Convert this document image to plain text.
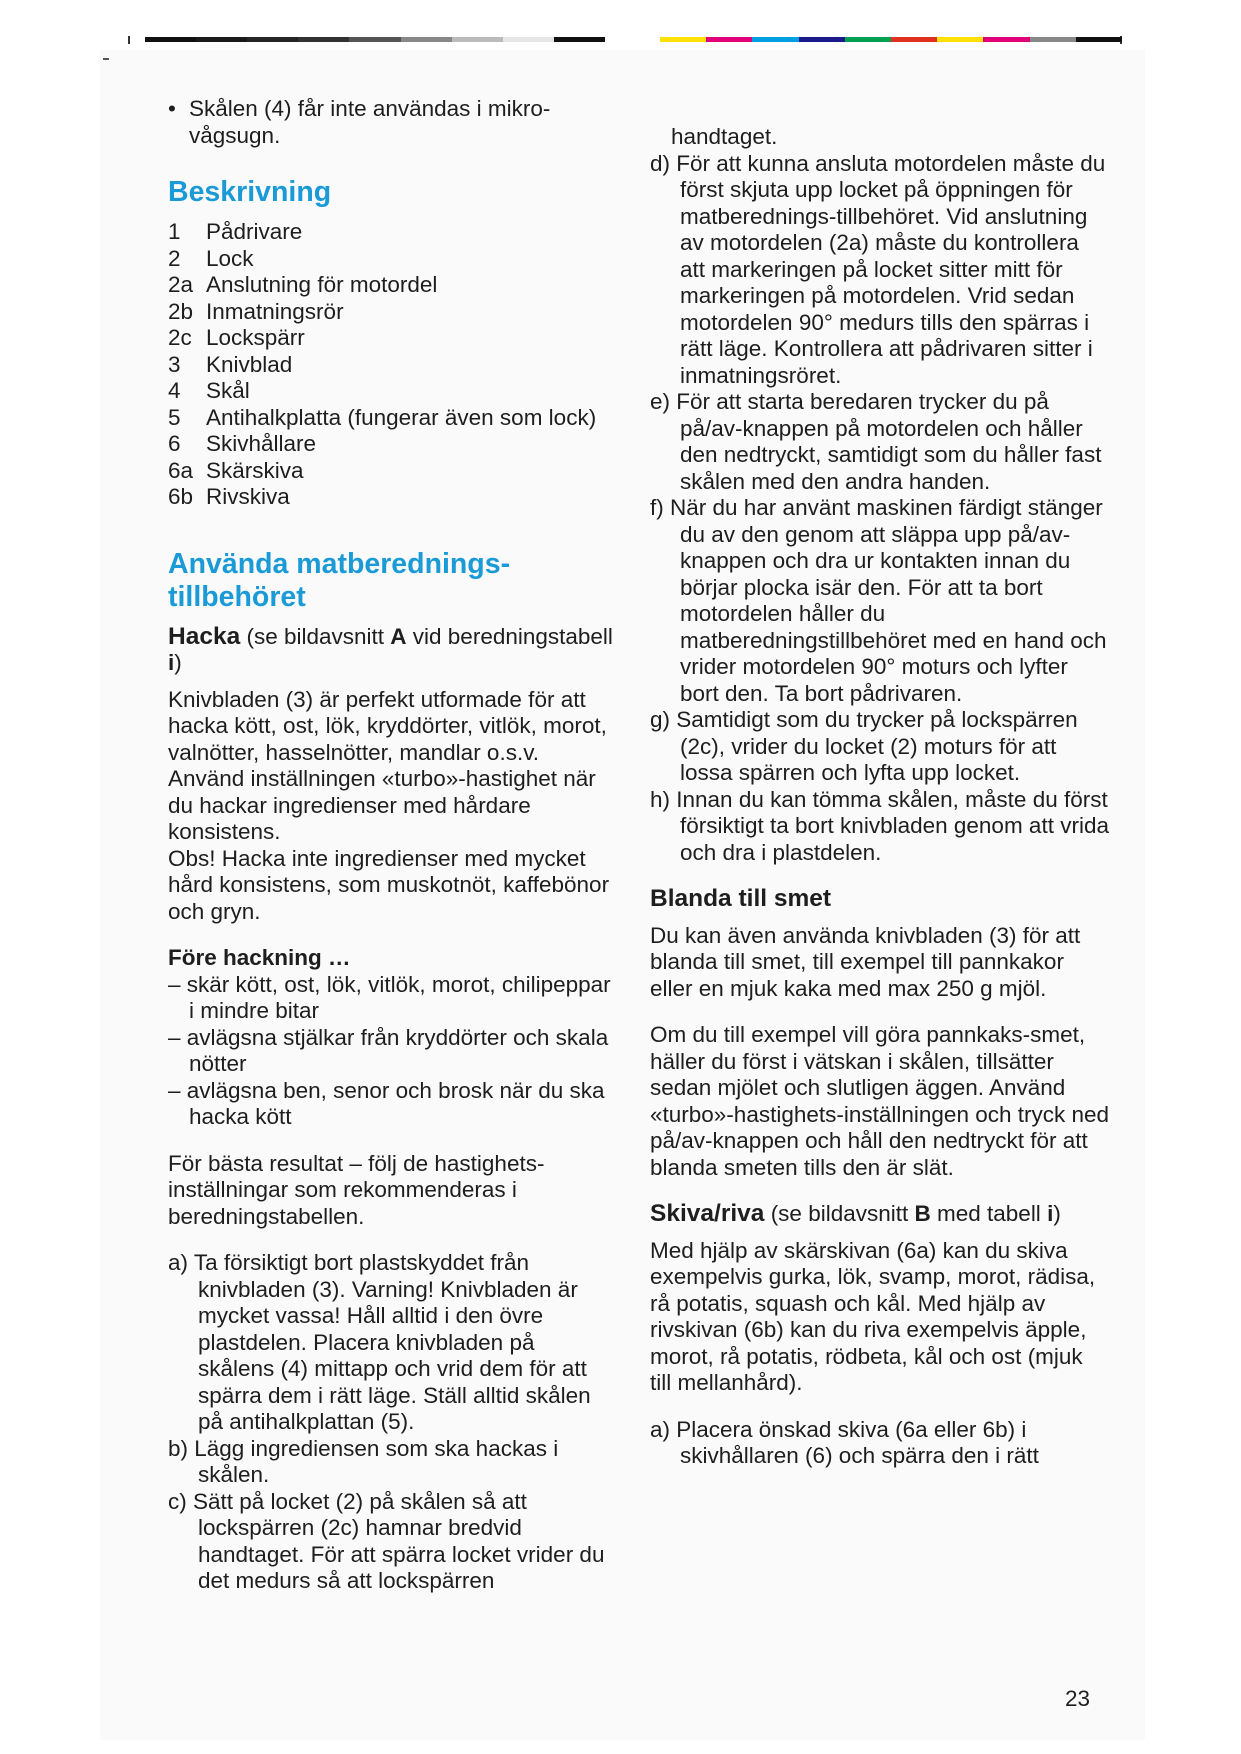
• Skålen (4) får inte användas i mikro-vågsugn.

Beskrivning

1	Pådrivare
2	Lock
2a Anslutning för motordel
2b Inmatningsrör
2c Lockspärr
3	Knivblad
4	Skål
5	Antihalkplatta (fungerar även som lock)
6	Skivhållare
6a Skärskiva
6b Rivskiva

Använda matberednings-tillbehöret

Hacka (se bildavsnitt A vid beredningstabell i)

Knivbladen (3) är perfekt utformade för att hacka kött, ost, lök, kryddörter, vitlök, morot, valnötter, hasselnötter, mandlar o.s.v. Använd inställningen «turbo»-hastighet när du hackar ingredienser med hårdare konsistens.

Obs! Hacka inte ingredienser med mycket hård konsistens, som muskotnöt, kaffebönor och gryn.

Före hackning …

– skär kött, ost, lök, vitlök, morot, chilipeppar i mindre bitar

– avlägsna stjälkar från kryddörter och skala nötter

– avlägsna ben, senor och brosk när du ska hacka kött

För bästa resultat – följ de hastighets-inställningar som rekommenderas i beredningstabellen.

a) Ta försiktigt bort plastskyddet från knivbladen (3). Varning! Knivbladen är mycket vassa! Håll alltid i den övre plastdelen. Placera knivbladen på skålens (4) mittapp och vrid dem för att spärra dem i rätt läge. Ställ alltid skålen på antihalkplattan (5).

b) Lägg ingrediensen som ska hackas i skålen.

c) Sätt på locket (2) på skålen så att lockspärren (2c) hamnar bredvid handtaget. För att spärra locket vrider du det medurs så att lockspärren

handtaget.

d) För att kunna ansluta motordelen måste du först skjuta upp locket på öppningen för matberednings-tillbehöret. Vid anslutning av motordelen (2a) måste du kontrollera att markeringen på locket sitter mitt för markeringen på motordelen. Vrid sedan motordelen 90° medurs tills den spärras i rätt läge. Kontrollera att pådrivaren sitter i inmatningsröret.

e) För att starta beredaren trycker du på på/av-knappen på motordelen och håller den nedtryckt, samtidigt som du håller fast skålen med den andra handen.

f) När du har använt maskinen färdigt stänger du av den genom att släppa upp på/av-knappen och dra ur kontakten innan du börjar plocka isär den. För att ta bort motordelen håller du matberedningstillbehöret med en hand och vrider motordelen 90° moturs och lyfter bort den. Ta bort pådrivaren.

g) Samtidigt som du trycker på lockspärren (2c), vrider du locket (2) moturs för att lossa spärren och lyfta upp locket.

h) Innan du kan tömma skålen, måste du först försiktigt ta bort knivbladen genom att vrida och dra i plastdelen.

Blanda till smet

Du kan även använda knivbladen (3) för att blanda till smet, till exempel till pannkakor eller en mjuk kaka med max 250 g mjöl.

Om du till exempel vill göra pannkaks-smet, häller du först i vätskan i skålen, tillsätter sedan mjölet och slutligen äggen. Använd «turbo»-hastighets-inställningen och tryck ned på/av-knappen och håll den nedtryckt för att blanda smeten tills den är slät.

Skiva/riva (se bildavsnitt B med tabell i)

Med hjälp av skärskivan (6a) kan du skiva exempelvis gurka, lök, svamp, morot, rädisa, rå potatis, squash och kål. Med hjälp av rivskivan (6b) kan du riva exempelvis äpple, morot, rå potatis, rödbeta, kål och ost (mjuk till mellanhård).

a) Placera önskad skiva (6a eller 6b) i skivhållaren (6) och spärra den i rätt

23
